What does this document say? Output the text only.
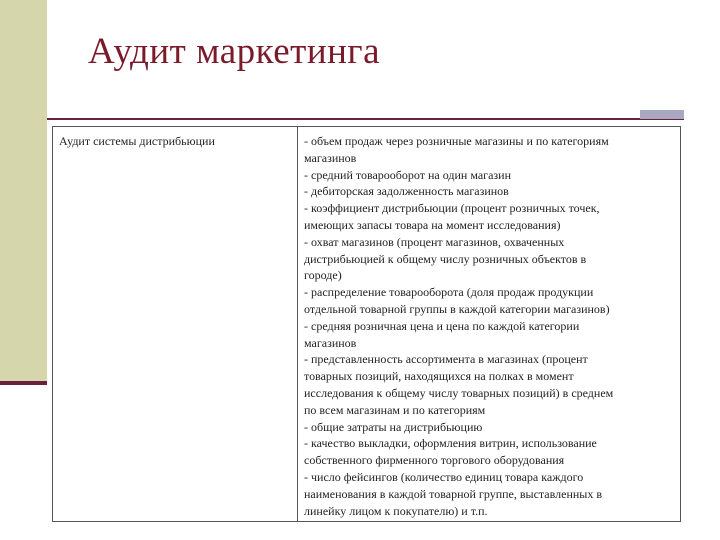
Аудит маркетинга
Аудит системы дистрибьюции	- объем продаж через розничные магазины и по категориям
магазинов
- средний товарооборот на один магазин
- дебиторская задолженность магазинов
- коэффициент дистрибьюции (процент розничных точек,
имеющих запасы товара на момент исследования)
- охват магазинов (процент магазинов, охваченных
дистрибьюцией к общему числу розничных объектов в
городе)
- распределение товарооборота (доля продаж продукции
отдельной товарной группы в каждой категории магазинов)
- средняя розничная цена и цена по каждой категории
магазинов
- представленность ассортимента в магазинах (процент
товарных позиций, находящихся на полках в момент
исследования к общему числу товарных позиций) в среднем
по всем магазинам и по категориям
- общие затраты на дистрибьюцию
- качество выкладки, оформления витрин, использование
собственного фирменного торгового оборудования
- число фейсингов (количество единиц товара каждого
наименования в каждой товарной группе, выставленных в
линейку лицом к покупателю) и т.п.
